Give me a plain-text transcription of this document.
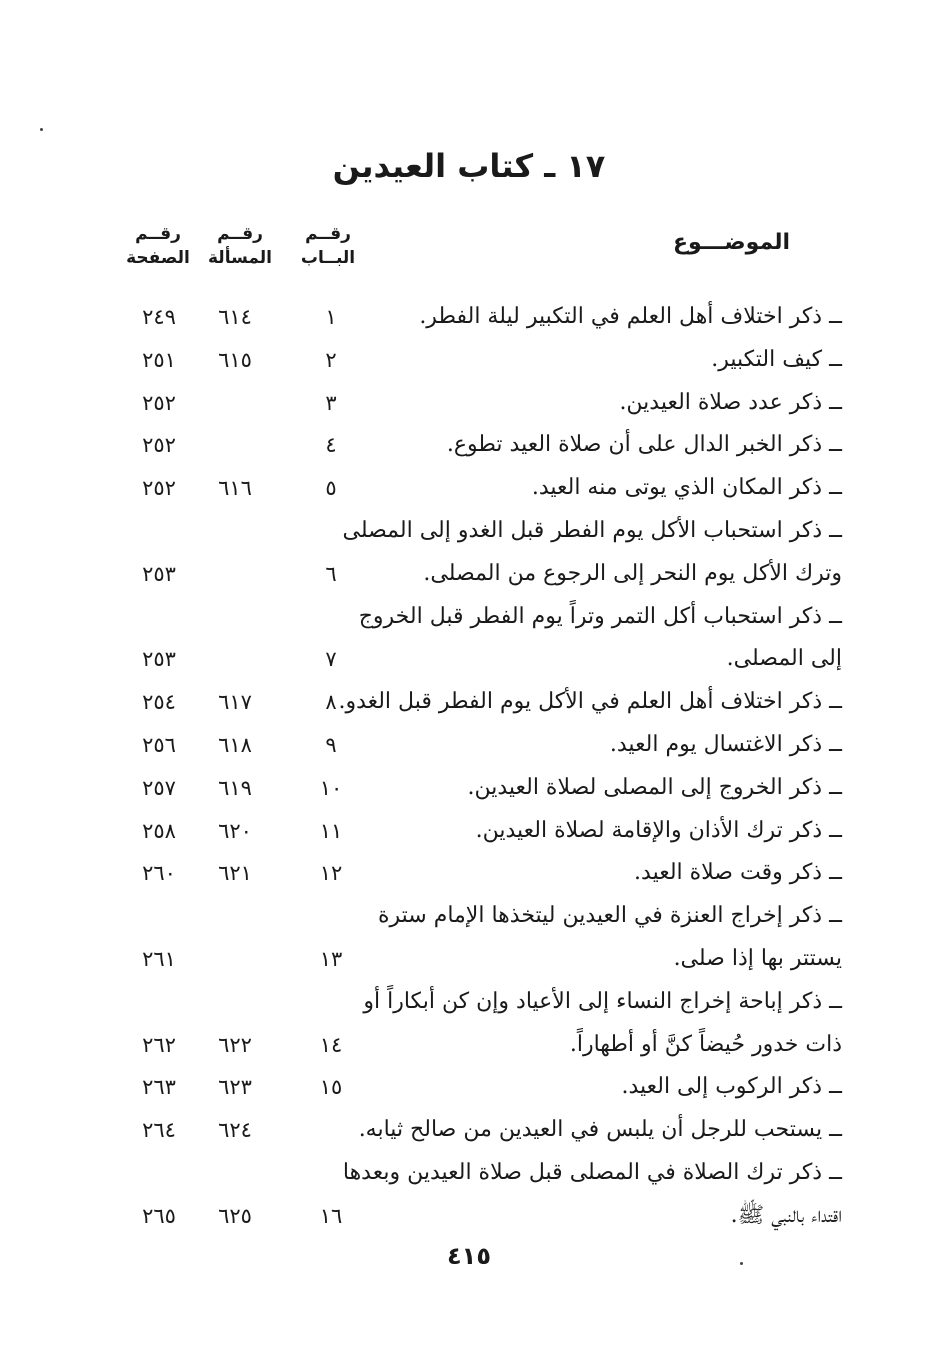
١٧ ـ كتاب العيدين
الموضـــوع
رقــم
البــاب
رقــم
المسألة
رقــم
الصفحة
ــ ذكر اختلاف أهل العلم في التكبير ليلة الفطر.
١
٦١٤
٢٤٩
ــ كيف التكبير.
٢
٦١٥
٢٥١
ــ ذكر عدد صلاة العيدين.
٣
٢٥٢
ــ ذكر الخبر الدال على أن صلاة العيد تطوع.
٤
٢٥٢
ــ ذكر المكان الذي يوتى منه العيد.
٥
٦١٦
٢٥٢
ــ ذكر استحباب الأكل يوم الفطر قبل الغدو إلى المصلى
وترك الأكل يوم النحر إلى الرجوع من المصلى.
٦
٢٥٣
ــ ذكر استحباب أكل التمر وتراً يوم الفطر قبل الخروج
إلى المصلى.
٧
٢٥٣
ــ ذكر اختلاف أهل العلم في الأكل يوم الفطر قبل الغدو.
٨
٦١٧
٢٥٤
ــ ذكر الاغتسال يوم العيد.
٩
٦١٨
٢٥٦
ــ ذكر الخروج إلى المصلى لصلاة العيدين.
١٠
٦١٩
٢٥٧
ــ ذكر ترك الأذان والإقامة لصلاة العيدين.
١١
٦٢٠
٢٥٨
ــ ذكر وقت صلاة العيد.
١٢
٦٢١
٢٦٠
ــ ذكر إخراج العنزة في العيدين ليتخذها الإمام سترة
يستتر بها إذا صلى.
١٣
٢٦١
ــ ذكر إباحة إخراج النساء إلى الأعياد وإن كن أبكاراً أو
ذات خدور حُيضاً كنَّ أو أطهاراً.
١٤
٦٢٢
٢٦٢
ــ ذكر الركوب إلى العيد.
١٥
٦٢٣
٢٦٣
ــ يستحب للرجل أن يلبس في العيدين من صالح ثيابه.
٦٢٤
٢٦٤
ــ ذكر ترك الصلاة في المصلى قبل صلاة العيدين وبعدها
اقتداء بالنبي ﷺ.
١٦
٦٢٥
٢٦٥
٤١٥
